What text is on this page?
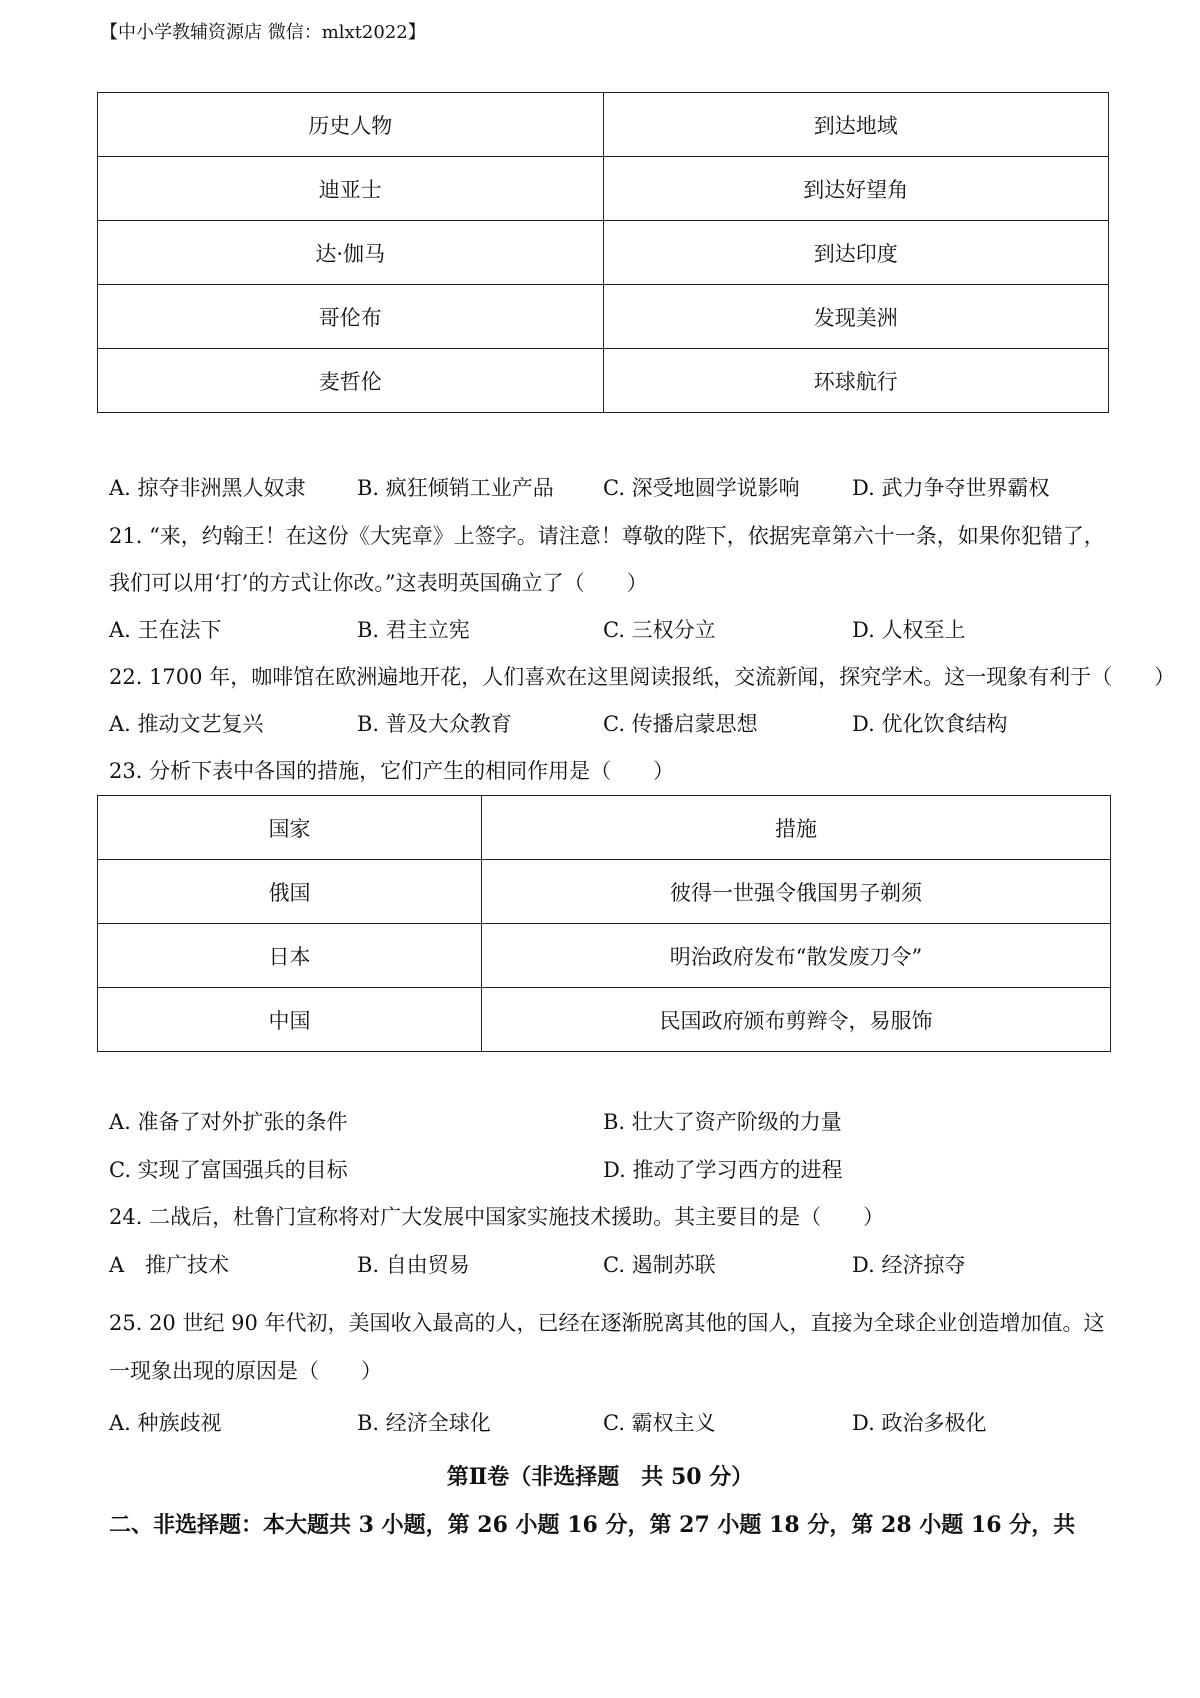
【中小学教辅资源店 微信：mlxt2022】
历史人物	到达地域
迪亚士	到达好望角
达·伽马	到达印度
哥伦布	发现美洲
麦哲伦	环球航行
A. 掠夺非洲黑人奴隶 B. 疯狂倾销工业产品 C. 深受地圆学说影响 D. 武力争夺世界霸权
21. “来，约翰王！在这份《大宪章》上签字。请注意！尊敬的陛下，依据宪章第六十一条，如果你犯错了，
我们可以用‘打’的方式让你改。”这表明英国确立了（　　）
A. 王在法下	B. 君主立宪	C. 三权分立	D. 人权至上
22. 1700 年，咖啡馆在欧洲遍地开花，人们喜欢在这里阅读报纸，交流新闻，探究学术。这一现象有利于（　　）
A. 推动文艺复兴	B. 普及大众教育	C. 传播启蒙思想	D. 优化饮食结构
23. 分析下表中各国的措施，它们产生的相同作用是（　　）
国家	措施
俄国	彼得一世强令俄国男子剃须
日本	明治政府发布“散发废刀令”
中国	民国政府颁布剪辫令，易服饰
A. 准备了对外扩张的条件	B. 壮大了资产阶级的力量
C. 实现了富国强兵的目标	D. 推动了学习西方的进程
24. 二战后，杜鲁门宣称将对广大发展中国家实施技术援助。其主要目的是（　　）
A　推广技术	B. 自由贸易	C. 遏制苏联	D. 经济掠夺
25. 20 世纪 90 年代初，美国收入最高的人，已经在逐渐脱离其他的国人，直接为全球企业创造增加值。这
一现象出现的原因是（　　）
A. 种族歧视	B. 经济全球化	C. 霸权主义	D. 政治多极化
第Ⅱ卷（非选择题　共 50 分）
二、非选择题：本大题共 3 小题，第 26 小题 16 分，第 27 小题 18 分，第 28 小题 16 分，共
